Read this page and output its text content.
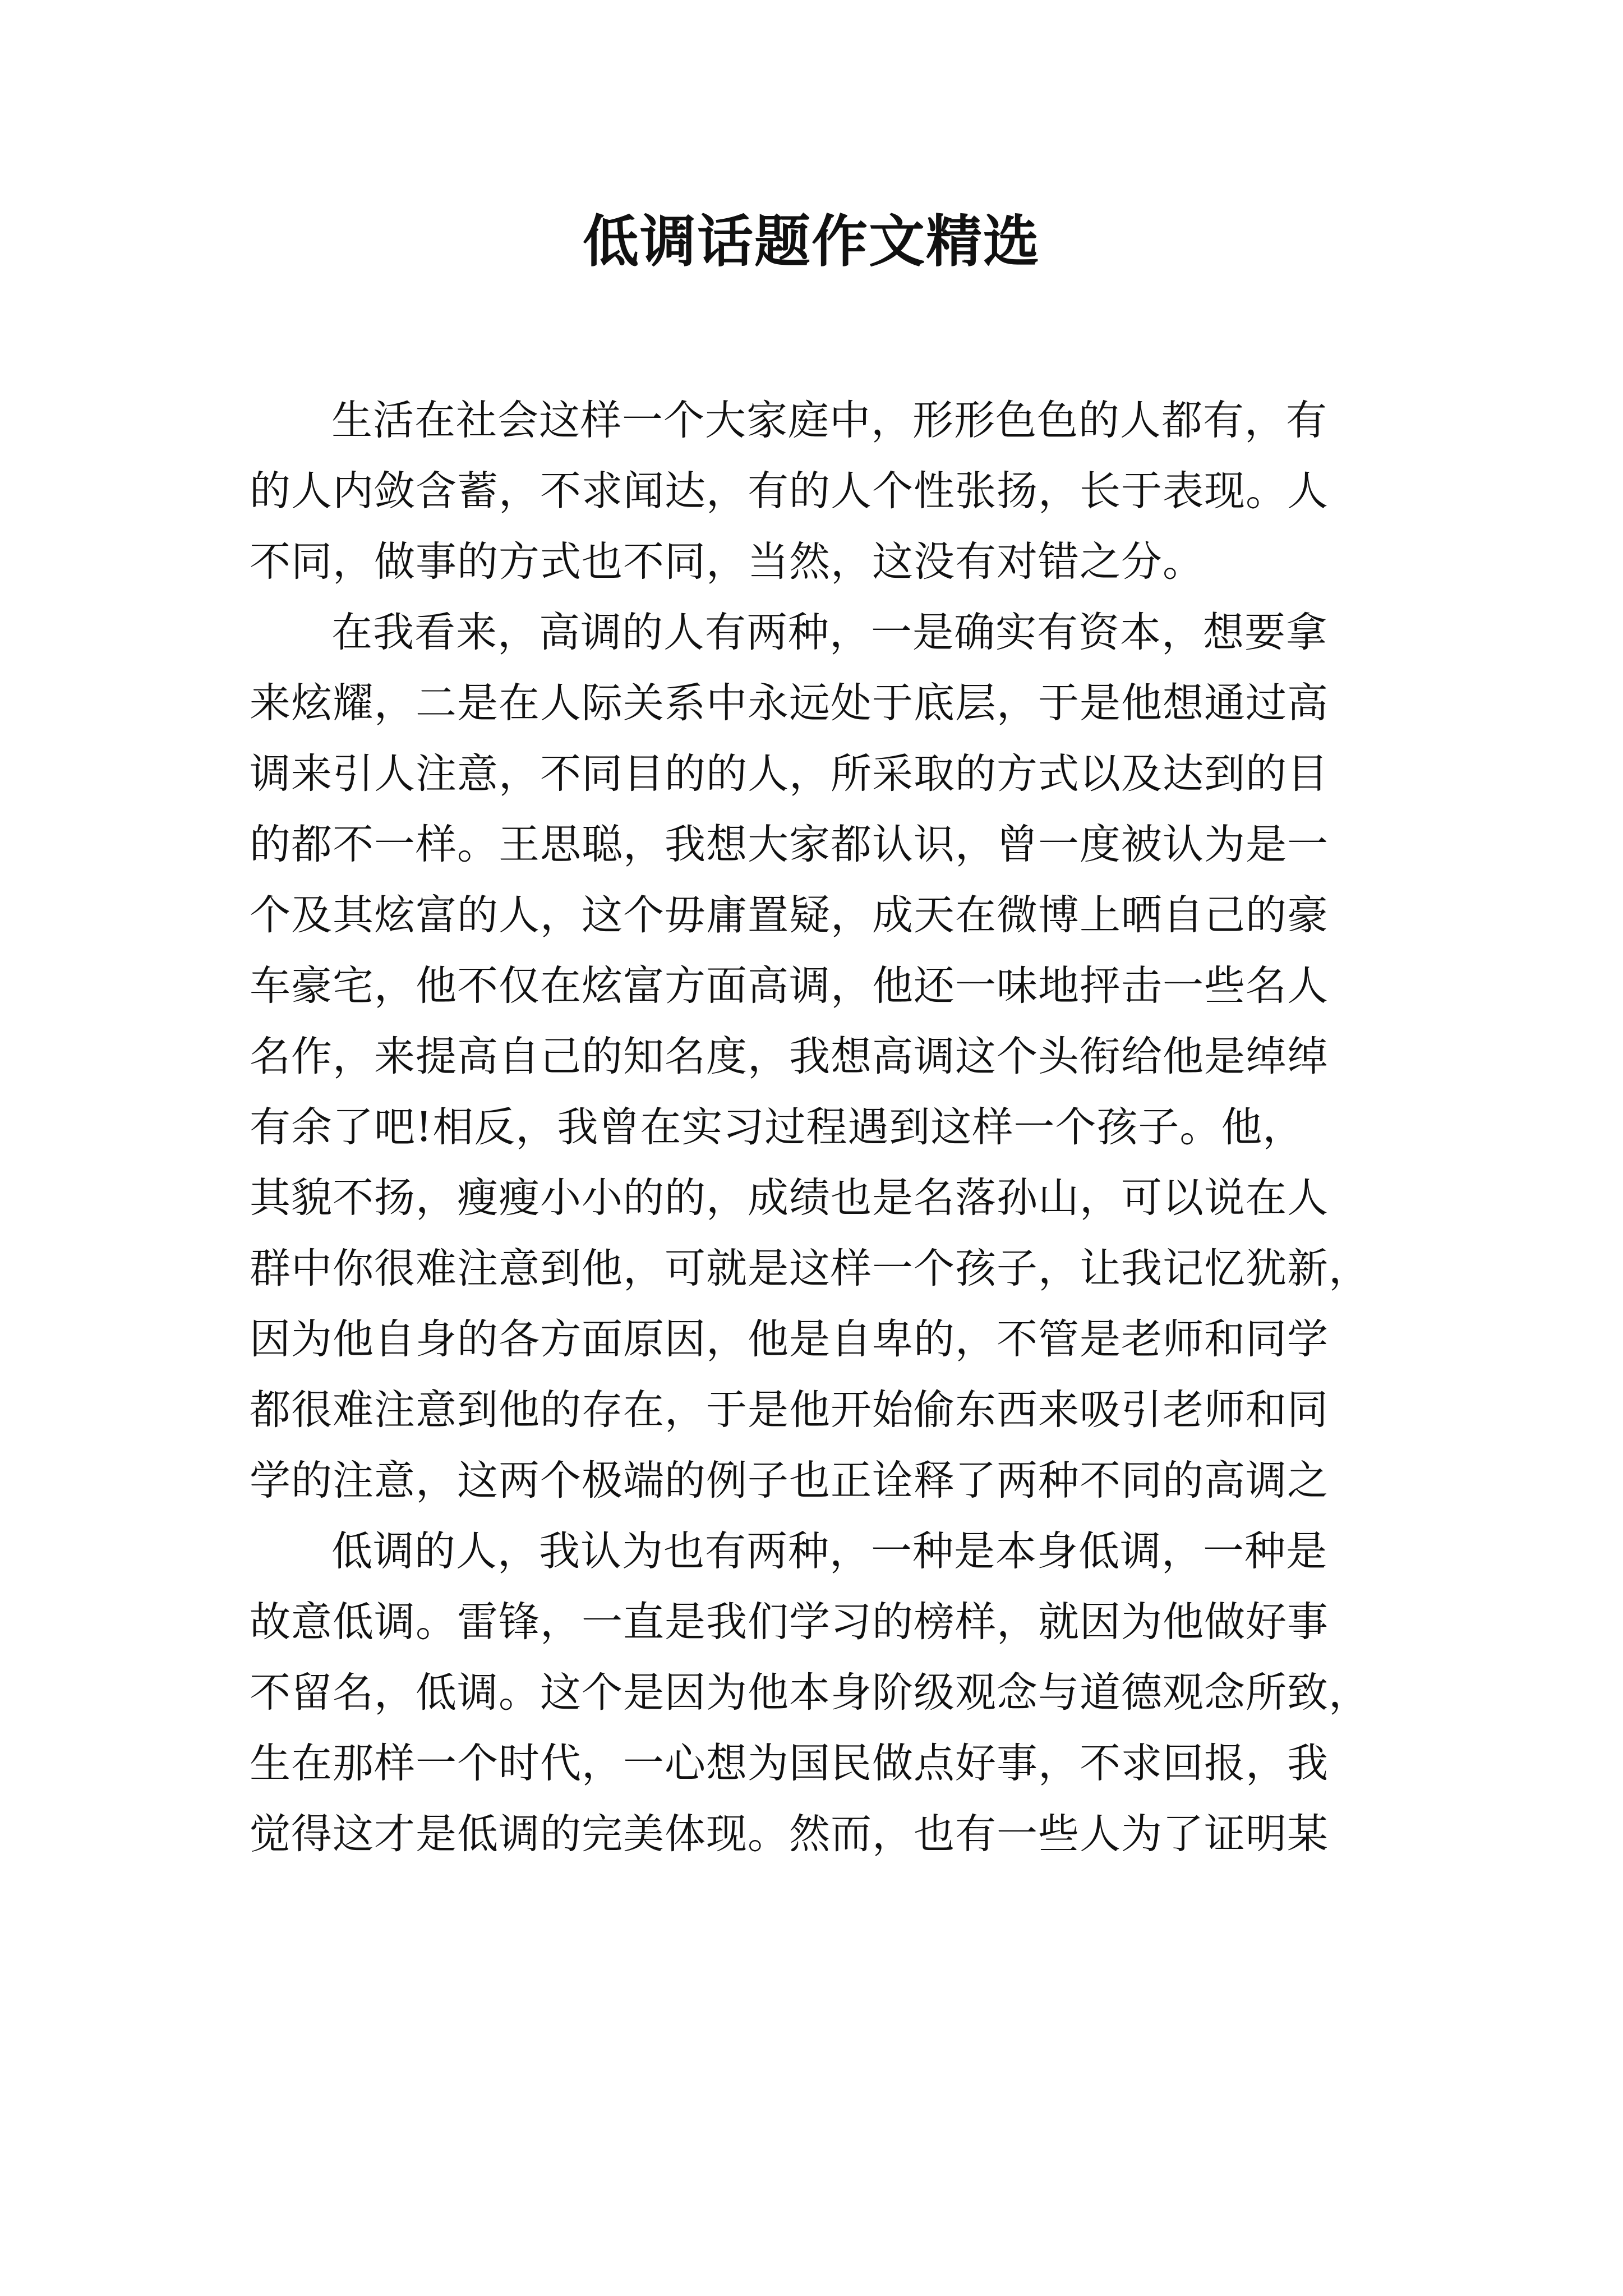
低调话题作文精选

生活在社会这样一个大家庭中，形形色色的人都有，有
的人内敛含蓄，不求闻达，有的人个性张扬，长于表现。人
不同，做事的方式也不同，当然，这没有对错之分。

在我看来，高调的人有两种，一是确实有资本，想要拿
来炫耀，二是在人际关系中永远处于底层，于是他想通过高
调来引人注意，不同目的的人，所采取的方式以及达到的目
的都不一样。王思聪，我想大家都认识，曾一度被认为是一
个及其炫富的人，这个毋庸置疑，成天在微博上晒自己的豪
车豪宅，他不仅在炫富方面高调，他还一味地抨击一些名人
名作，来提高自己的知名度，我想高调这个头衔给他是绰绰
有余了吧!相反，我曾在实习过程遇到这样一个孩子。他，
其貌不扬，瘦瘦小小的的，成绩也是名落孙山，可以说在人
群中你很难注意到他，可就是这样一个孩子，让我记忆犹新，
因为他自身的各方面原因，他是自卑的，不管是老师和同学
都很难注意到他的存在，于是他开始偷东西来吸引老师和同
学的注意，这两个极端的例子也正诠释了两种不同的高调之

低调的人，我认为也有两种，一种是本身低调，一种是
故意低调。雷锋，一直是我们学习的榜样，就因为他做好事
不留名，低调。这个是因为他本身阶级观念与道德观念所致，
生在那样一个时代，一心想为国民做点好事，不求回报，我
觉得这才是低调的完美体现。然而，也有一些人为了证明某
